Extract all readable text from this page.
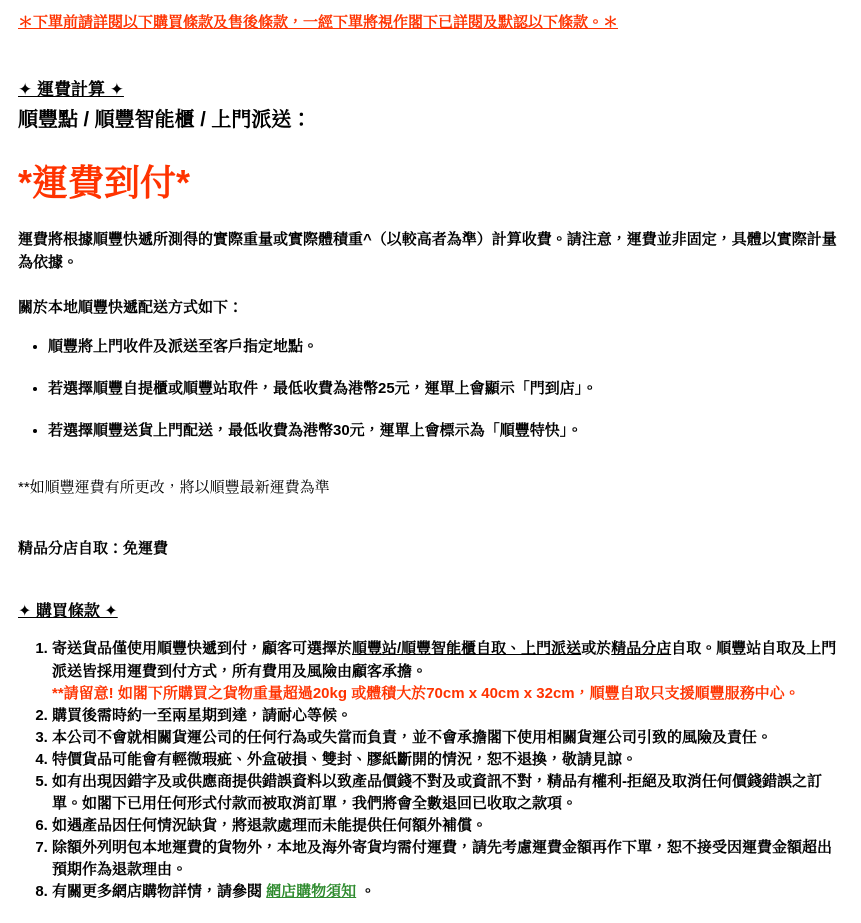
＊下單前請詳閱以下購買條款及售後條款，一經下單將視作閣下已詳閱及默認以下條款。＊
✦ 運費計算 ✦
順豐點 / 順豐智能櫃 / 上門派送：
*運費到付*

運費將根據順豐快遞所測得的實際重量或實際體積重^（以較高者為準）計算收費。請注意，運費並非固定，具體以實際計量為依據。

關於本地順豐快遞配送方式如下：

• 順豐將上門收件及派送至客戶指定地點。
• 若選擇順豐自提櫃或順豐站取件，最低收費為港幣25元，運單上會顯示「門到店」。
• 若選擇順豐送貨上門配送，最低收費為港幣30元，運單上會標示為「順豐特快」。

**如順豐運費有所更改，將以順豐最新運費為準

精品分店自取：免運費

✦ 購買條款 ✦
1. 寄送貨品僅使用順豐快遞到付，顧客可選擇於順豐站/順豐智能櫃自取、上門派送或於精品分店自取。順豐站自取及上門派送皆採用運費到付方式，所有費用及風險由顧客承擔。
**請留意! 如閣下所購買之貨物重量超過20kg 或體積大於70cm x 40cm x 32cm，順豐自取只支援順豐服務中心。
2. 購買後需時約一至兩星期到達，請耐心等候。
3. 本公司不會就相關貨運公司的任何行為或失當而負責，並不會承擔閣下使用相關貨運公司引致的風險及責任。
4. 特價貨品可能會有輕微瑕疵、外盒破損、雙封、膠紙斷開的情況，恕不退換，敬請見諒。
5. 如有出現因錯字及或供應商提供錯誤資料以致產品價錢不對及或資訊不對，精品有權利-拒絕及取消任何價錢錯誤之訂單。如閣下已用任何形式付款而被取消訂單，我們將會全數退回已收取之款項。
6. 如遇產品因任何情況缺貨，將退款處理而未能提供任何額外補償。
7. 除額外列明包本地運費的貨物外，本地及海外寄貨均需付運費，請先考慮運費金額再作下單，恕不接受因運費金額超出預期作為退款理由。
8. 有關更多網店購物詳情，請參閱 網店購物須知 。
